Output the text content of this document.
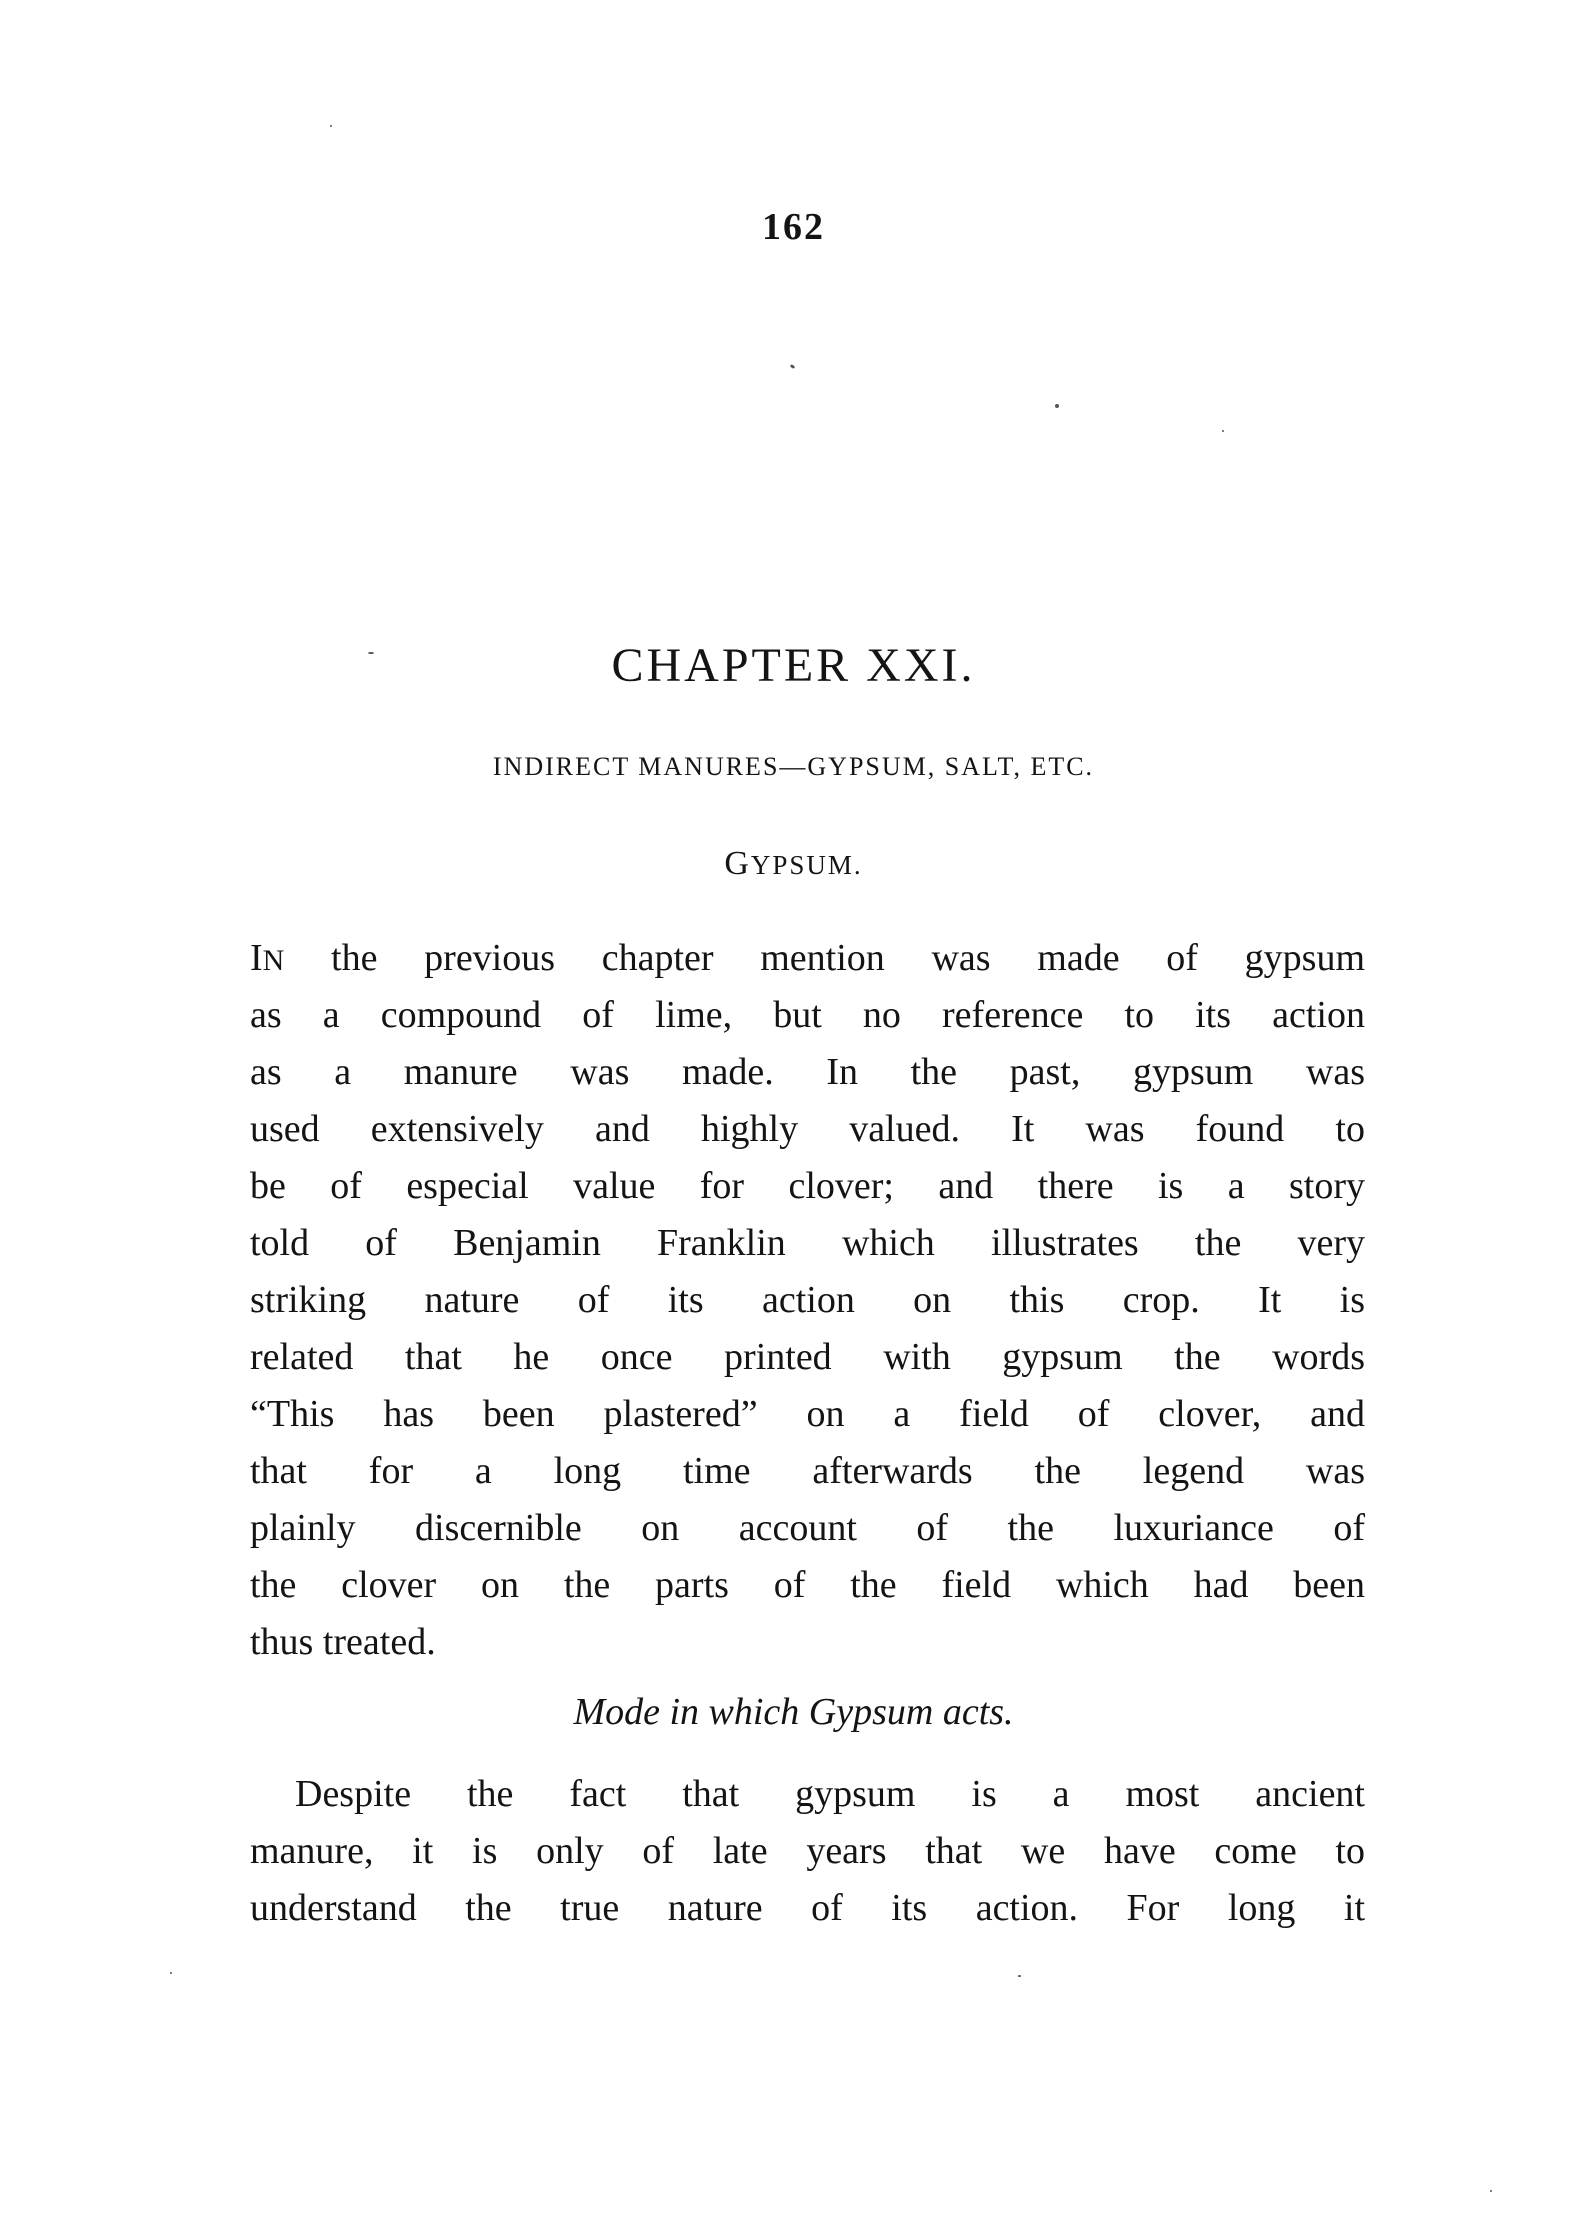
162
CHAPTER XXI.
INDIRECT MANURES—GYPSUM, SALT, ETC.
GYPSUM.
IN the previous chapter mention was made of gypsum
as a compound of lime, but no reference to its action
as a manure was made. In the past, gypsum was
used extensively and highly valued. It was found to
be of especial value for clover; and there is a story
told of Benjamin Franklin which illustrates the very
striking nature of its action on this crop. It is
related that he once printed with gypsum the words
“This has been plastered” on a field of clover, and
that for a long time afterwards the legend was
plainly discernible on account of the luxuriance of
the clover on the parts of the field which had been
thus treated.
Mode in which Gypsum acts.
Despite the fact that gypsum is a most ancient
manure, it is only of late years that we have come to
understand the true nature of its action. For long it
